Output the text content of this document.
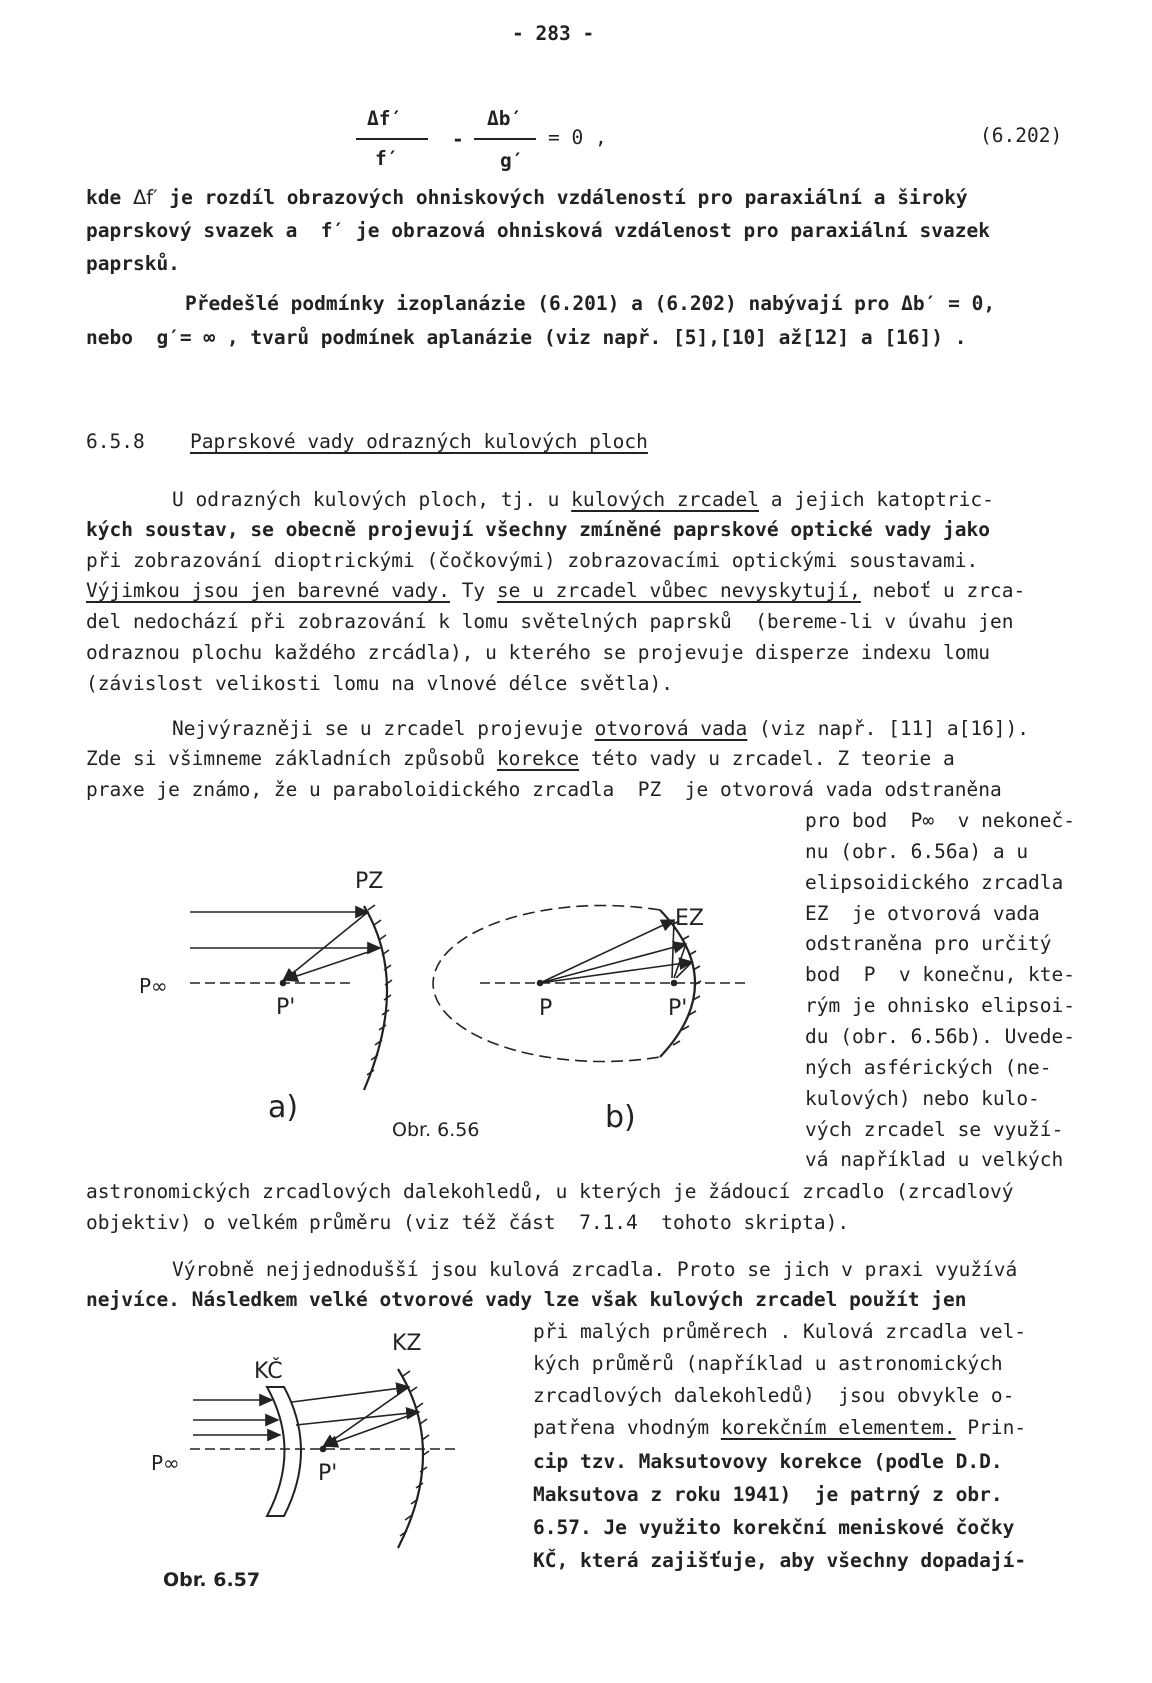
- 283 -
Δf′
f′
-
Δb′
g′
= 0 ,	(6.202)
kde Δf′ je rozdíl obrazových ohniskových vzdáleností pro paraxiální a široký
paprskový svazek a  f′ je obrazová ohnisková vzdálenost pro paraxiální svazek
paprsků.
Předešlé podmínky izoplanázie (6.201) a (6.202) nabývají pro Δb′ = 0,
nebo  g′= ∞ , tvarů podmínek aplanázie (viz např. [5],[10] až[12] a [16]) .
6.5.8 Paprskové vady odrazných kulových ploch
U odrazných kulových ploch, tj. u kulových zrcadel a jejich katoptric-
kých soustav, se obecně projevují všechny zmíněné paprskové optické vady jako
při zobrazování dioptrickými (čočkovými) zobrazovacími optickými soustavami.
Výjimkou jsou jen barevné vady. Ty se u zrcadel vůbec nevyskytují, neboť u zrca-
del nedochází při zobrazování k lomu světelných paprsků  (bereme-li v úvahu jen
odraznou plochu každého zrcádla), u kterého se projevuje disperze indexu lomu
(závislost velikosti lomu na vlnové délce světla).
Nejvýrazněji se u zrcadel projevuje otvorová vada (viz např. [11] a[16]).
Zde si všimneme základních způsobů korekce této vady u zrcadel. Z teorie a
praxe je známo, že u paraboloidického zrcadla  PZ  je otvorová vada odstraněna
pro bod  P∞  v nekoneč-
nu (obr. 6.56a) a u
elipsoidického zrcadla
EZ  je otvorová vada
odstraněna pro určitý
bod  P  v konečnu, kte-
rým je ohnisko elipsoi-
du (obr. 6.56b). Uvede-
ných asférických (ne-
kulových) nebo kulo-
vých zrcadel se využí-
vá například u velkých
astronomických zrcadlových dalekohledů, u kterých je žádoucí zrcadlo (zrcadlový
objektiv) o velkém průměru (viz též část  7.1.4  tohoto skripta).
PZ
P∞
P'
a)
EZ
P	P'
b)
Obr. 6.56
Výrobně nejjednodušší jsou kulová zrcadla. Proto se jich v praxi využívá
nejvíce. Následkem velké otvorové vady lze však kulových zrcadel použít jen
při malých průměrech . Kulová zrcadla vel-
kých průměrů (například u astronomických
zrcadlových dalekohledů)  jsou obvykle o-
patřena vhodným korekčním elementem. Prin-
cip tzv. Maksutovovy korekce (podle D.D.
Maksutova z roku 1941)  je patrný z obr.
6.57. Je využito korekční meniskové čočky
KČ, která zajišťuje, aby všechny dopadají-
KČ
KZ
P∞	P'
Obr. 6.57
